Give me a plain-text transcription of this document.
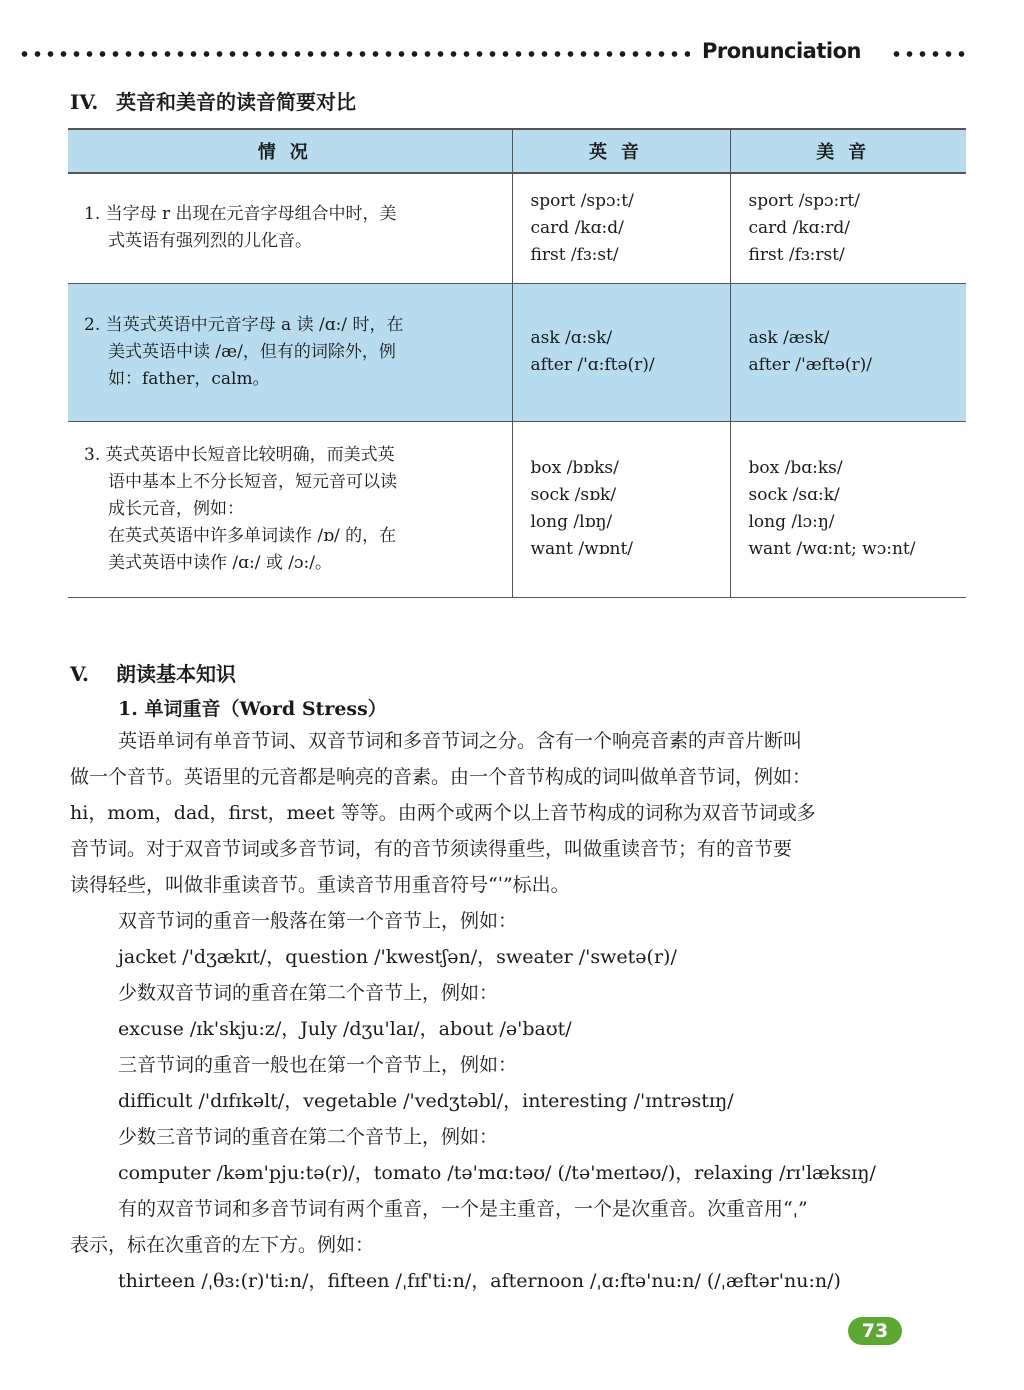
Pronunciation
IV. 英音和美音的读音简要对比
情况	英音	美音

1. 当字母 r 出现在元音字母组合中时，美
式英语有强列烈的儿化音。	sport /spɔ:t/
card /kɑ:d/
first /fɜ:st/	sport /spɔ:rt/
card /kɑ:rd/
first /fɜ:rst/

2. 当英式英语中元音字母 a 读 /ɑ:/ 时，在
美式英语中读 /æ/，但有的词除外，例
如：father，calm。	ask /ɑ:sk/
after /'ɑ:ftə(r)/	ask /æsk/
after /'æftə(r)/

3. 英式英语中长短音比较明确，而美式英
语中基本上不分长短音，短元音可以读
成长元音，例如：
在英式英语中许多单词读作 /ɒ/ 的，在
美式英语中读作 /ɑ:/ 或 /ɔ:/。	box /bɒks/
sock /sɒk/
long /lɒŋ/
want /wɒnt/	box /bɑ:ks/
sock /sɑ:k/
long /lɔ:ŋ/
want /wɑ:nt; wɔ:nt/
V. 朗读基本知识
1. 单词重音（Word Stress）
英语单词有单音节词、双音节词和多音节词之分。含有一个响亮音素的声音片断叫
做一个音节。英语里的元音都是响亮的音素。由一个音节构成的词叫做单音节词，例如：
hi，mom，dad，first，meet 等等。由两个或两个以上音节构成的词称为双音节词或多
音节词。对于双音节词或多音节词，有的音节须读得重些，叫做重读音节；有的音节要
读得轻些，叫做非重读音节。重读音节用重音符号“ˈ”标出。
双音节词的重音一般落在第一个音节上，例如：
jacket /'dʒækɪt/，question /'kwestʃən/，sweater /'swetə(r)/
少数双音节词的重音在第二个音节上，例如：
excuse /ɪk'skju:z/，July /dʒu'laɪ/，about /ə'baʊt/
三音节词的重音一般也在第一个音节上，例如：
difficult /'dɪfɪkəlt/，vegetable /'vedʒtəbl/，interesting /'ɪntrəstɪŋ/
少数三音节词的重音在第二个音节上，例如：
computer /kəm'pju:tə(r)/，tomato /tə'mɑ:təʊ/ (/tə'meɪtəʊ/)，relaxing /rɪ'læksɪŋ/
有的双音节词和多音节词有两个重音，一个是主重音，一个是次重音。次重音用“ˌ”
表示，标在次重音的左下方。例如：
thirteen /ˌθɜ:(r)'ti:n/，fifteen /ˌfɪf'ti:n/，afternoon /ˌɑ:ftə'nu:n/ (/ˌæftər'nu:n/)
73
